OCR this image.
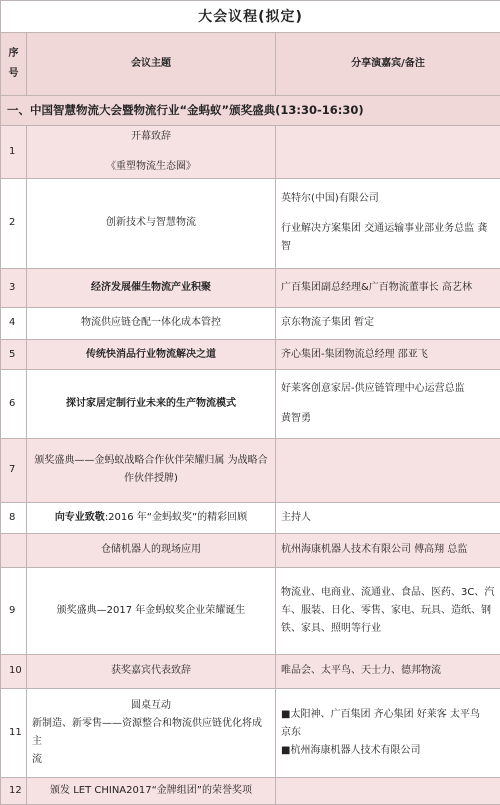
大会议程(拟定)		

序
号	会议主题	分享演嘉宾/备注
一、中国智慧物流大会暨物流行业“金蚂蚁”颁奖盛典(13:30-16:30)		
1	开幕致辞
《重塑物流生态圈》	

2	创新技术与智慧物流	英特尔(中国)有限公司
行业解决方案集团 交通运输事业部业务总监 龚
智

3	经济发展催生物流产业积聚	广百集团副总经理&广百物流董事长 高艺林
4	物流供应链仓配一体化成本管控	京东物流子集团 暂定
5	传统快消品行业物流解决之道	齐心集团-集团物流总经理 邵亚飞
6	探讨家居定制行业未来的生产物流模式	好莱客创意家居-供应链管理中心运营总监
黄智勇

7	颁奖盛典——金蚂蚁战略合作伙伴荣耀归属 为战略合
作伙伴授牌)	

8	向专业致敬:2016 年“金蚂蚁奖”的精彩回顾	主持人
	仓储机器人的现场应用	杭州海康机器人技术有限公司 傅高翔 总监
9	颁奖盛典—2017 年金蚂蚁奖企业荣耀诞生	物流业、电商业、流通业、食品、医药、3C、汽
车、服装、日化、零售、家电、玩具、造纸、钢
铁、家具、照明等行业

10	获奖嘉宾代表致辞	唯品会、太平鸟、天士力、德邦物流
11	圆桌互动
新制造、新零售——资源整合和物流供应链优化将成主
流	■太阳神、广百集团 齐心集团 好莱客 太平鸟
京东
■杭州海康机器人技术有限公司

12	颁发 LET CHINA2017“金牌组团”的荣誉奖项	
